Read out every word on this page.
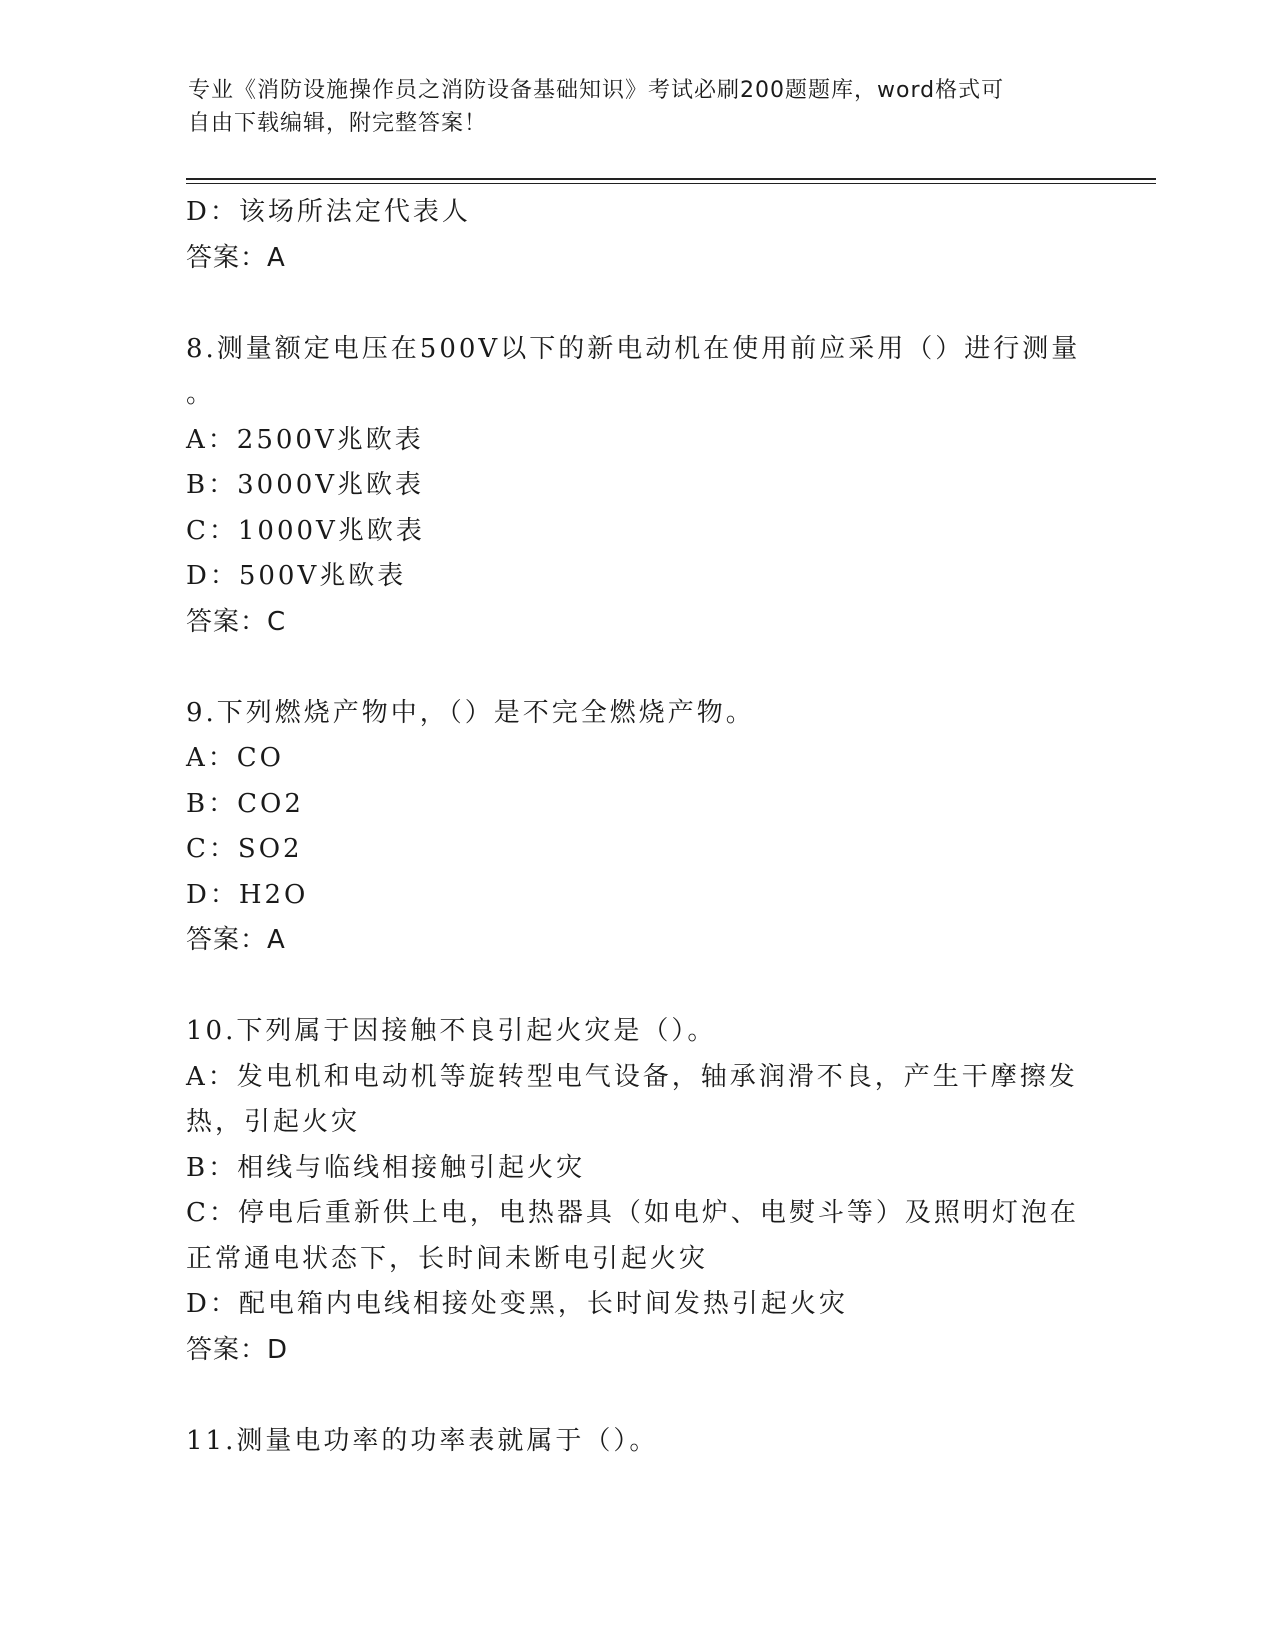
专业《消防设施操作员之消防设备基础知识》考试必刷200题题库，word格式可
自由下载编辑，附完整答案！
D：该场所法定代表人
答案：A
8.测量额定电压在500V以下的新电动机在使用前应采用（）进行测量
。
A：2500V兆欧表
B：3000V兆欧表
C：1000V兆欧表
D：500V兆欧表
答案：C
9.下列燃烧产物中，（）是不完全燃烧产物。
A：CO
B：CO2
C：SO2
D：H2O
答案：A
10.下列属于因接触不良引起火灾是（）。
A：发电机和电动机等旋转型电气设备，轴承润滑不良，产生干摩擦发
热，引起火灾
B：相线与临线相接触引起火灾
C：停电后重新供上电，电热器具（如电炉、电熨斗等）及照明灯泡在
正常通电状态下，长时间未断电引起火灾
D：配电箱内电线相接处变黑，长时间发热引起火灾
答案：D
11.测量电功率的功率表就属于（）。
